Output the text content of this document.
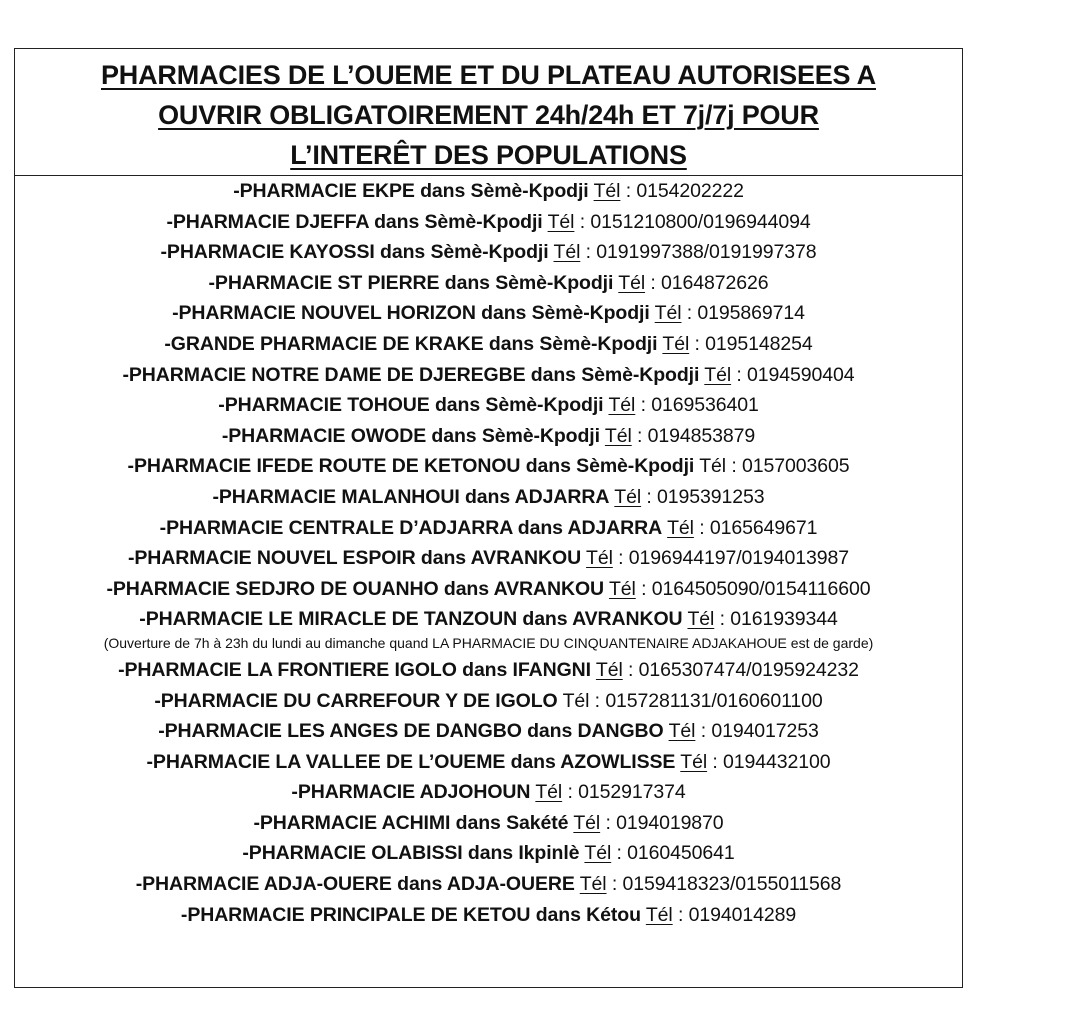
PHARMACIES DE L’OUEME ET DU PLATEAU AUTORISEES A
OUVRIR OBLIGATOIREMENT 24h/24h ET 7j/7j POUR
L’INTERÊT DES POPULATIONS
-PHARMACIE EKPE dans Sèmè-Kpodji Tél : 0154202222
-PHARMACIE DJEFFA dans Sèmè-Kpodji Tél : 0151210800/0196944094
-PHARMACIE KAYOSSI dans Sèmè-Kpodji Tél : 0191997388/0191997378
-PHARMACIE ST PIERRE dans Sèmè-Kpodji Tél : 0164872626
-PHARMACIE NOUVEL HORIZON dans Sèmè-Kpodji Tél : 0195869714
-GRANDE PHARMACIE DE KRAKE dans Sèmè-Kpodji Tél : 0195148254
-PHARMACIE NOTRE DAME DE DJEREGBE dans Sèmè-Kpodji Tél : 0194590404
-PHARMACIE TOHOUE dans Sèmè-Kpodji Tél : 0169536401
-PHARMACIE OWODE dans Sèmè-Kpodji Tél : 0194853879
-PHARMACIE IFEDE ROUTE DE KETONOU dans Sèmè-Kpodji Tél : 0157003605
-PHARMACIE MALANHOUI dans ADJARRA Tél : 0195391253
-PHARMACIE CENTRALE D’ADJARRA dans ADJARRA Tél : 0165649671
-PHARMACIE NOUVEL ESPOIR dans AVRANKOU Tél : 0196944197/0194013987
-PHARMACIE SEDJRO DE OUANHO dans AVRANKOU Tél : 0164505090/0154116600
-PHARMACIE LE MIRACLE DE TANZOUN dans AVRANKOU Tél : 0161939344
(Ouverture de 7h à 23h du lundi au dimanche quand LA PHARMACIE DU CINQUANTENAIRE ADJAKAHOUE est de garde)
-PHARMACIE LA FRONTIERE IGOLO dans IFANGNI Tél : 0165307474/0195924232
-PHARMACIE DU CARREFOUR Y DE IGOLO Tél : 0157281131/0160601100
-PHARMACIE LES ANGES DE DANGBO dans DANGBO Tél : 0194017253
-PHARMACIE LA VALLEE DE L’OUEME dans AZOWLISSE Tél : 0194432100
-PHARMACIE ADJOHOUN Tél : 0152917374
-PHARMACIE ACHIMI dans Sakété Tél : 0194019870
-PHARMACIE OLABISSI dans Ikpinlè Tél : 0160450641
-PHARMACIE ADJA-OUERE dans ADJA-OUERE Tél : 0159418323/0155011568
-PHARMACIE PRINCIPALE DE KETOU dans Kétou Tél : 0194014289
